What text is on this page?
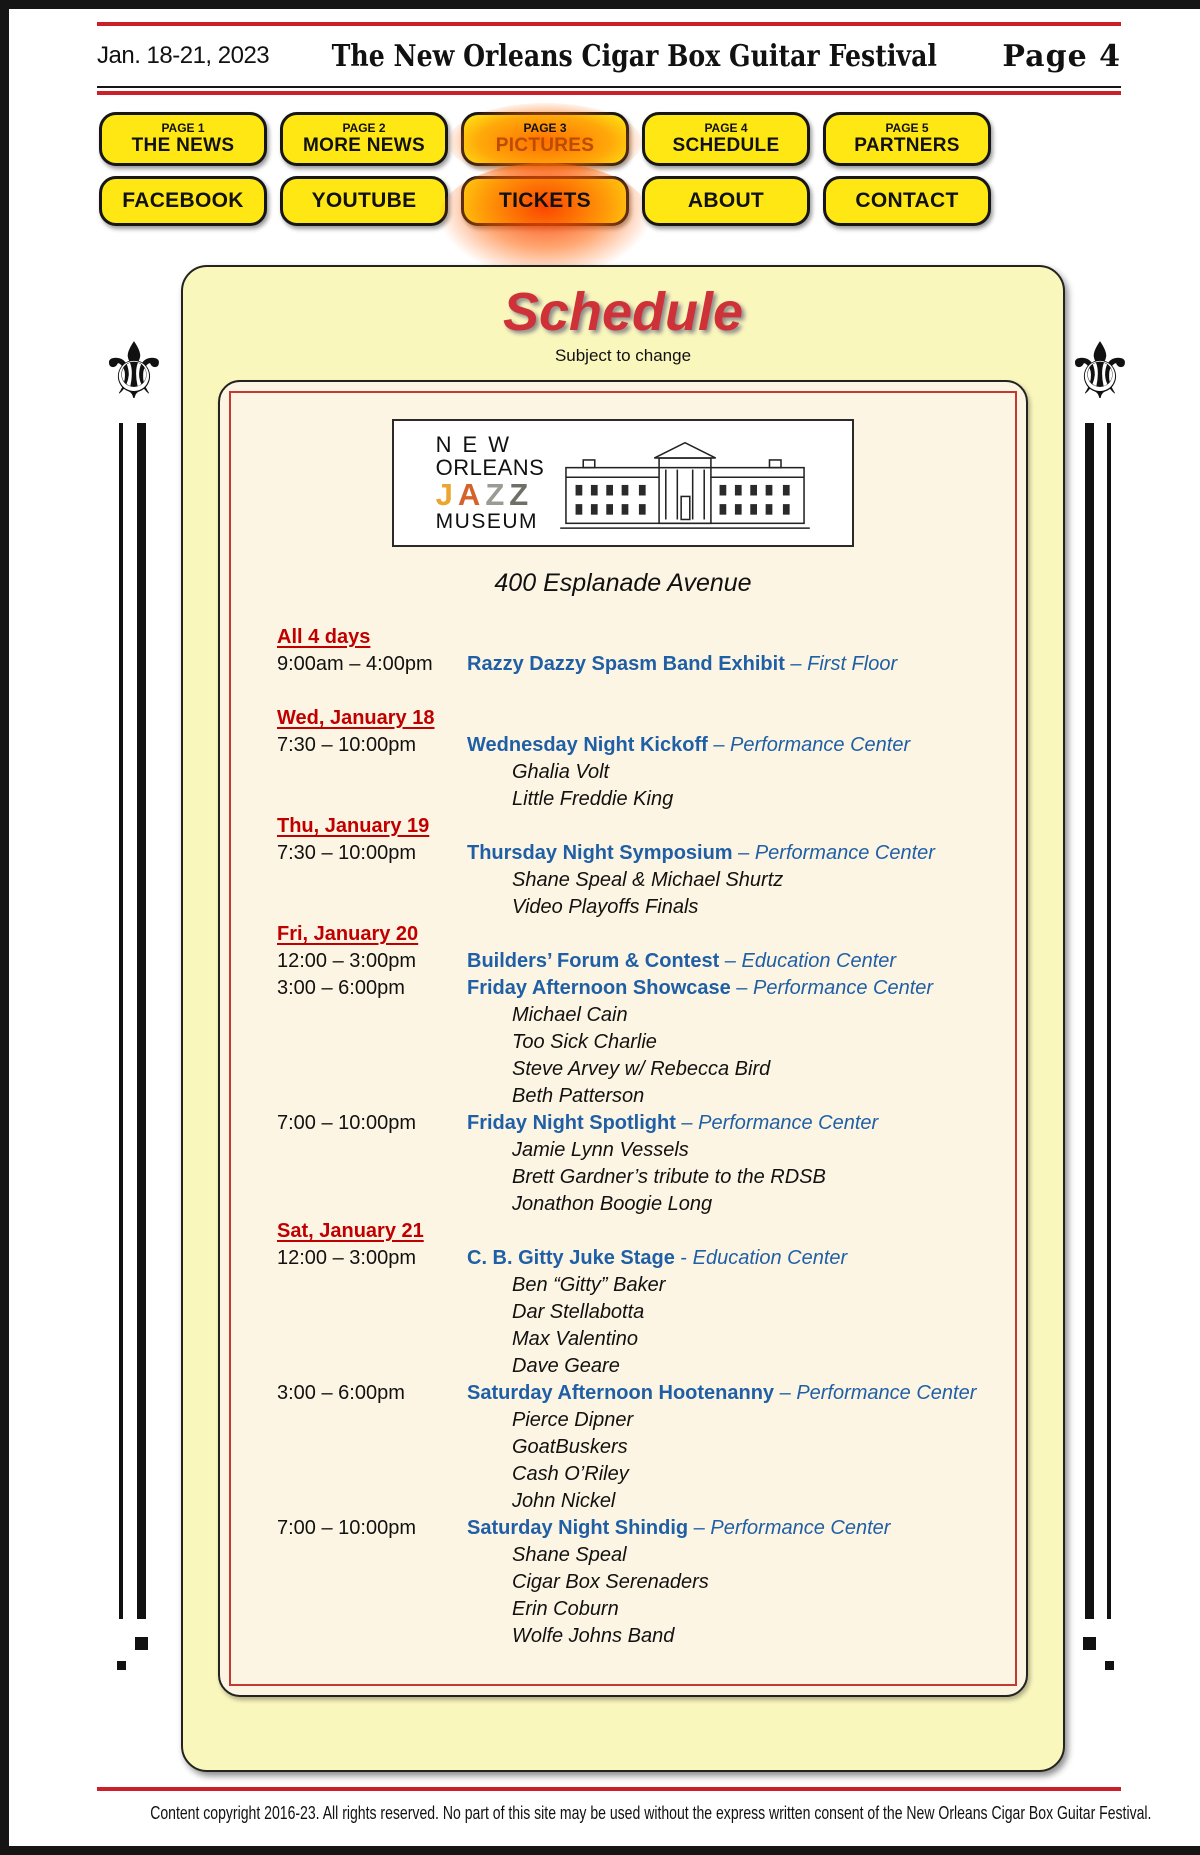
Jan. 18-21, 2023	The New Orleans Cigar Box Guitar Festival	Page 4
PAGE 1
THE NEWS
PAGE 2
MORE NEWS
PAGE 3
PICTURES
PAGE 4
SCHEDULE
PAGE 5
PARTNERS
FACEBOOK	YOUTUBE	TICKETS	ABOUT	CONTACT
Schedule
Subject to change
NEW
ORLEANS
JAZZ
MUSEUM
400 Esplanade Avenue
All 4 days
9:00am – 4:00pm	Razzy Dazzy Spasm Band Exhibit – First Floor
Wed, January 18
7:30 – 10:00pm	Wednesday Night Kickoff – Performance Center
Ghalia Volt
Little Freddie King
Thu, January 19
7:30 – 10:00pm	Thursday Night Symposium – Performance Center
Shane Speal & Michael Shurtz
Video Playoffs Finals
Fri, January 20
12:00 – 3:00pm	Builders’ Forum & Contest – Education Center
3:00 – 6:00pm	Friday Afternoon Showcase – Performance Center
Michael Cain
Too Sick Charlie
Steve Arvey w/ Rebecca Bird
Beth Patterson
7:00 – 10:00pm	Friday Night Spotlight – Performance Center
Jamie Lynn Vessels
Brett Gardner’s tribute to the RDSB
Jonathon Boogie Long
Sat, January 21
12:00 – 3:00pm	C. B. Gitty Juke Stage - Education Center
Ben “Gitty” Baker
Dar Stellabotta
Max Valentino
Dave Geare
3:00 – 6:00pm	Saturday Afternoon Hootenanny – Performance Center
Pierce Dipner
GoatBuskers
Cash O’Riley
John Nickel
7:00 – 10:00pm	Saturday Night Shindig – Performance Center
Shane Speal
Cigar Box Serenaders
Erin Coburn
Wolfe Johns Band
⚜	⚜
Content copyright 2016-23. All rights reserved. No part of this site may be used without the express written consent of the New Orleans Cigar Box Guitar Festival.
